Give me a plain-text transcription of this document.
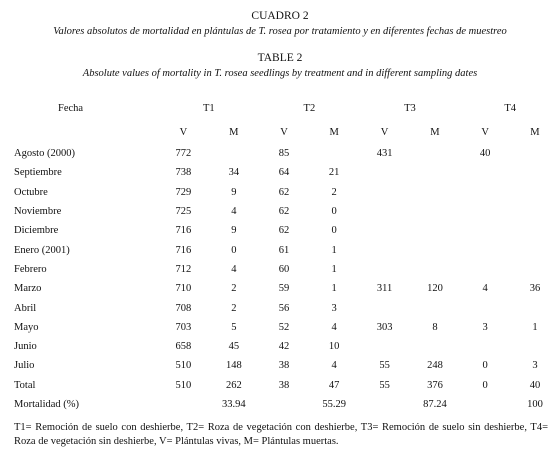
CUADRO 2
Valores absolutos de mortalidad en plántulas de T. rosea por tratamiento y en diferentes fechas de muestreo
TABLE 2
Absolute values of mortality in T. rosea seedlings by treatment and in different sampling dates
Fecha	T1		T2		T3		T4	
	V	M	V	M	V	M	V	M
Agosto (2000)	772		85		431		40	
Septiembre	738	34	64	21				
Octubre	729	9	62	2				
Noviembre	725	4	62	0				
Diciembre	716	9	62	0				
Enero (2001)	716	0	61	1				
Febrero	712	4	60	1				
Marzo	710	2	59	1	311	120	4	36
Abril	708	2	56	3				
Mayo	703	5	52	4	303	8	3	1
Junio	658	45	42	10				
Julio	510	148	38	4	55	248	0	3
Total	510	262	38	47	55	376	0	40
Mortalidad (%)		33.94		55.29		87.24		100
T1= Remoción de suelo con deshierbe, T2= Roza de vegetación con deshierbe, T3= Remoción de suelo sin deshierbe, T4= Roza de vegetación sin deshierbe, V= Plántulas vivas, M= Plántulas muertas.
